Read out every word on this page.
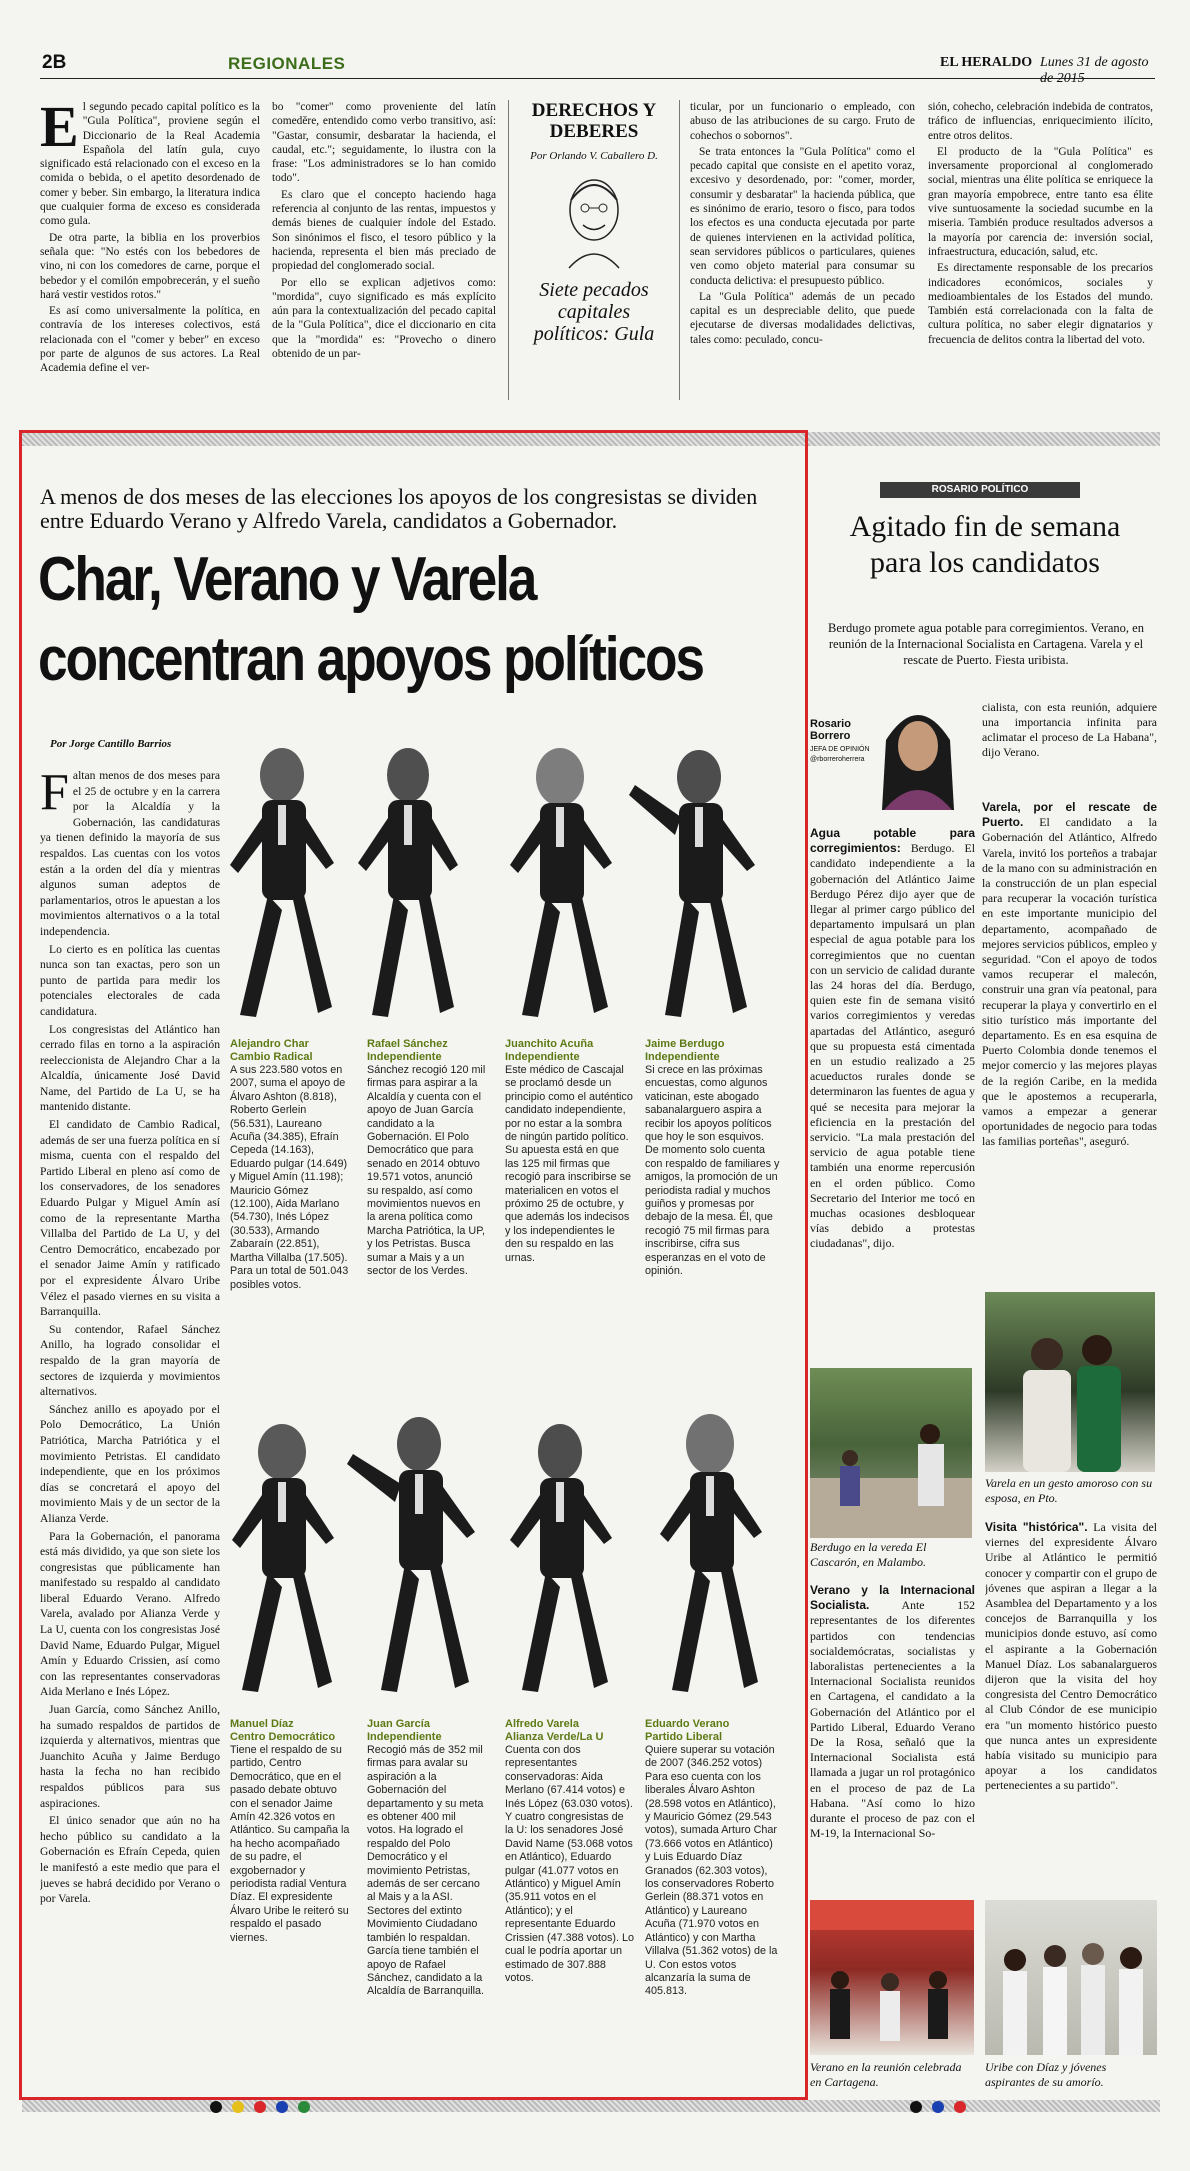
2B	REGIONALES	EL HERALDO Lunes 31 de agosto de 2015
E l segundo pecado capital político es la "Gula Política", proviene según el Diccionario de la Real Academia Española del latín gula, cuyo significado está relacionado con el exceso en la comida o bebida, o el apetito desordenado de comer y beber. Sin embargo, la literatura indica que cualquier forma de exceso es considerada como gula.

De otra parte, la biblia en los proverbios señala que: "No estés con los bebedores de vino, ni con los comedores de carne, porque el bebedor y el comilón empobrecerán, y el sueño hará vestir vestidos rotos."

Es así como universalmente la política, en contravía de los intereses colectivos, está relacionada con el "comer y beber" en exceso por parte de algunos de sus actores. La Real Academia define el ver-

bo "comer" como proveniente del latín comedĕre, entendido como verbo transitivo, así: "Gastar, consumir, desbaratar la hacienda, el caudal, etc."; seguidamente, lo ilustra con la frase: "Los administradores se lo han comido todo".

Es claro que el concepto haciendo haga referencia al conjunto de las rentas, impuestos y demás bienes de cualquier índole del Estado. Son sinónimos el fisco, el tesoro público y la hacienda, representa el bien más preciado de propiedad del conglomerado social.

Por ello se explican adjetivos como: "mordida", cuyo significado es más explícito aún para la contextualización del pecado capital de la "Gula Política", dice el diccionario en cita que la "mordida" es: "Provecho o dinero obtenido de un par-

DERECHOS Y DEBERES
Por Orlando V. Caballero D.
Siete pecados capitales políticos: Gula

ticular, por un funcionario o empleado, con abuso de las atribuciones de su cargo. Fruto de cohechos o sobornos".

Se trata entonces la "Gula Política" como el pecado capital que consiste en el apetito voraz, excesivo y desordenado, por: "comer, morder, consumir y desbaratar" la hacienda pública, que es sinónimo de erario, tesoro o fisco, para todos los efectos es una conducta ejecutada por parte de quienes intervienen en la actividad política, sean servidores públicos o particulares, quienes ven como objeto material para consumar su conducta delictiva: el presupuesto público.

La "Gula Política" además de un pecado capital es un despreciable delito, que puede ejecutarse de diversas modalidades delictivas, tales como: peculado, concu-

sión, cohecho, celebración indebida de contratos, tráfico de influencias, enriquecimiento ilícito, entre otros delitos.

El producto de la "Gula Política" es inversamente proporcional al conglomerado social, mientras una élite política se enriquece la gran mayoría empobrece, entre tanto esa élite vive suntuosamente la sociedad sucumbe en la miseria. También produce resultados adversos a la mayoría por carencia de: inversión social, infraestructura, educación, salud, etc.

Es directamente responsable de los precarios indicadores económicos, sociales y medioambientales de los Estados del mundo. También está correlacionada con la falta de cultura política, no saber elegir dignatarios y frecuencia de delitos contra la libertad del voto.

A menos de dos meses de las elecciones los apoyos de los congresistas se dividen entre Eduardo Verano y Alfredo Varela, candidatos a Gobernador.
Char, Verano y Varela
concentran apoyos políticos
Por Jorge Cantillo Barrios
F altan menos de dos meses para el 25 de octubre y en la carrera por la Alcaldía y la Gobernación, las candidaturas ya tienen definido la mayoría de sus respaldos. Las cuentas con los votos están a la orden del día y mientras algunos suman adeptos de parlamentarios, otros le apuestan a los movimientos alternativos o a la total independencia.

Lo cierto es en política las cuentas nunca son tan exactas, pero son un punto de partida para medir los potenciales electorales de cada candidatura.

Los congresistas del Atlántico han cerrado filas en torno a la aspiración reeleccionista de Alejandro Char a la Alcaldía, únicamente José David Name, del Partido de La U, se ha mantenido distante.

El candidato de Cambio Radical, además de ser una fuerza política en sí misma, cuenta con el respaldo del Partido Liberal en pleno así como de los conservadores, de los senadores Eduardo Pulgar y Miguel Amín así como de la representante Martha Villalba del Partido de La U, y del Centro Democrático, encabezado por el senador Jaime Amín y ratificado por el expresidente Álvaro Uribe Vélez el pasado viernes en su visita a Barranquilla.

Su contendor, Rafael Sánchez Anillo, ha logrado consolidar el respaldo de la gran mayoría de sectores de izquierda y movimientos alternativos.

Sánchez anillo es apoyado por el Polo Democrático, La Unión Patriótica, Marcha Patriótica y el movimiento Petristas. El candidato independiente, que en los próximos días se concretará el apoyo del movimiento Mais y de un sector de la Alianza Verde.

Para la Gobernación, el panorama está más dividido, ya que son siete los congresistas que públicamente han manifestado su respaldo al candidato liberal Eduardo Verano. Alfredo Varela, avalado por Alianza Verde y La U, cuenta con los congresistas José David Name, Eduardo Pulgar, Miguel Amín y Eduardo Crissien, así como con las representantes conservadoras Aida Merlano e Inés López.

Juan García, como Sánchez Anillo, ha sumado respaldos de partidos de izquierda y alternativos, mientras que Juanchito Acuña y Jaime Berdugo hasta la fecha no han recibido respaldos públicos para sus aspiraciones.

El único senador que aún no ha hecho público su candidato a la Gobernación es Efraín Cepeda, quien le manifestó a este medio que para el jueves se habrá decidido por Verano o por Varela.

Alejandro Char
Cambio Radical
A sus 223.580 votos en 2007, suma el apoyo de Álvaro Ashton (8.818), Roberto Gerlein (56.531), Laureano Acuña (34.385), Efraín Cepeda (14.163), Eduardo pulgar (14.649) y Miguel Amín (11.198); Mauricio Gómez (12.100), Aida Marlano (54.730), Inés López (30.533), Armando Zabaraín (22.851), Martha Villalba (17.505). Para un total de 501.043 posibles votos.
Rafael Sánchez
Independiente
Sánchez recogió 120 mil firmas para aspirar a la Alcaldía y cuenta con el apoyo de Juan García candidato a la Gobernación. El Polo Democrático que para senado en 2014 obtuvo 19.571 votos, anunció su respaldo, así como movimientos nuevos en la arena política como Marcha Patriótica, la UP, y los Petristas. Busca sumar a Mais y a un sector de los Verdes.
Juanchito Acuña
Independiente
Este médico de Cascajal se proclamó desde un principio como el auténtico candidato independiente, por no estar a la sombra de ningún partido político. Su apuesta está en que las 125 mil firmas que recogió para inscribirse se materialicen en votos el próximo 25 de octubre, y que además los indecisos y los independientes le den su respaldo en las urnas.
Jaime Berdugo
Independiente
Si crece en las próximas encuestas, como algunos vaticinan, este abogado sabanalarguero aspira a recibir los apoyos políticos que hoy le son esquivos. De momento solo cuenta con respaldo de familiares y amigos, la promoción de un periodista radial y muchos guiños y promesas por debajo de la mesa. Él, que recogió 75 mil firmas para inscribirse, cifra sus esperanzas en el voto de opinión.
Manuel Díaz
Centro Democrático
Tiene el respaldo de su partido, Centro Democrático, que en el pasado debate obtuvo con el senador Jaime Amín 42.326 votos en Atlántico. Su campaña la ha hecho acompañado de su padre, el exgobernador y periodista radial Ventura Díaz. El expresidente Álvaro Uribe le reiteró su respaldo el pasado viernes.
Juan García
Independiente
Recogió más de 352 mil firmas para avalar su aspiración a la Gobernación del departamento y su meta es obtener 400 mil votos. Ha logrado el respaldo del Polo Democrático y el movimiento Petristas, además de ser cercano al Mais y a la ASI. Sectores del extinto Movimiento Ciudadano también lo respaldan. García tiene también el apoyo de Rafael Sánchez, candidato a la Alcaldía de Barranquilla.
Alfredo Varela
Alianza Verde/La U
Cuenta con dos representantes conservadoras: Aida Merlano (67.414 votos) e Inés López (63.030 votos). Y cuatro congresistas de la U: los senadores José David Name (53.068 votos en Atlántico), Eduardo pulgar (41.077 votos en Atlántico) y Miguel Amín (35.911 votos en el Atlántico); y el representante Eduardo Crissien (47.388 votos). Lo cual le podría aportar un estimado de 307.888 votos.
Eduardo Verano
Partido Liberal
Quiere superar su votación de 2007 (346.252 votos) Para eso cuenta con los liberales Álvaro Ashton (28.598 votos en Atlántico), y Mauricio Gómez (29.543 votos), sumada Arturo Char (73.666 votos en Atlántico) y Luis Eduardo Díaz Granados (62.303 votos), los conservadores Roberto Gerlein (88.371 votos en Atlántico) y Laureano Acuña (71.970 votos en Atlántico) y con Martha Villalva (51.362 votos) de la U. Con estos votos alcanzaría la suma de 405.813.
ROSARIO POLÍTICO
Agitado fin de semana
para los candidatos
Berdugo promete agua potable para corregimientos. Verano, en reunión de la Internacional Socialista en Cartagena. Varela y el rescate de Puerto. Fiesta uribista.
Rosario Borrero
JEFA DE OPINIÓN
@rborreroherrera

cialista, con esta reunión, adquiere una importancia infinita para aclimatar el proceso de La Habana", dijo Verano.

Varela, por el rescate de Puerto. El candidato a la Gobernación del Atlántico, Alfredo Varela, invitó los porteños a trabajar de la mano con su administración en la construcción de un plan especial para recuperar la vocación turística en este importante municipio del departamento, acompañado de mejores servicios públicos, empleo y seguridad. "Con el apoyo de todos vamos recuperar el malecón, construir una gran vía peatonal, para recuperar la playa y convertirlo en el sitio turístico más importante del departamento. Es en esa esquina de Puerto Colombia donde tenemos el mejor comercio y las mejores playas de la región Caribe, en la medida que le apostemos a recuperarla, vamos a empezar a generar oportunidades de negocio para todas las familias porteñas", aseguró.

Agua potable para corregimientos: Berdugo. El candidato independiente a la gobernación del Atlántico Jaime Berdugo Pérez dijo ayer que de llegar al primer cargo público del departamento impulsará un plan especial de agua potable para los corregimientos que no cuentan con un servicio de calidad durante las 24 horas del día. Berdugo, quien este fin de semana visitó varios corregimientos y veredas apartadas del Atlántico, aseguró que su propuesta está cimentada en un estudio realizado a 25 acueductos rurales donde se determinaron las fuentes de agua y qué se necesita para mejorar la eficiencia en la prestación del servicio. "La mala prestación del servicio de agua potable tiene también una enorme repercusión en el orden público. Como Secretario del Interior me tocó en muchas ocasiones desbloquear vías debido a protestas ciudadanas", dijo.

Varela en un gesto amoroso con su esposa, en Pto.
Berdugo en la vereda El Cascarón, en Malambo.

Visita "histórica". La visita del viernes del expresidente Álvaro Uribe al Atlántico le permitió conocer y compartir con el grupo de jóvenes que aspiran a llegar a la Asamblea del Departamento y a los concejos de Barranquilla y los municipios donde estuvo, así como el aspirante a la Gobernación Manuel Díaz. Los sabanalargueros dijeron que la visita del hoy congresista del Centro Democrático al Club Cóndor de ese municipio era "un momento histórico puesto que nunca antes un expresidente había visitado su municipio para apoyar a los candidatos pertenecientes a su partido".

Verano y la Internacional Socialista.	Ante 152 representantes de los diferentes partidos con tendencias socialdemócratas, socialistas y laboralistas pertenecientes a la Internacional Socialista reunidos en Cartagena, el candidato a la Gobernación del Atlántico por el Partido Liberal, Eduardo Verano De la Rosa, señaló que la Internacional Socialista está llamada a jugar un rol protagónico en el proceso de paz de La Habana. "Así como lo hizo durante el proceso de paz con el M-19, la Internacional So-

Verano en la reunión celebrada en Cartagena.
Uribe con Díaz y jóvenes aspirantes de su amorío.
